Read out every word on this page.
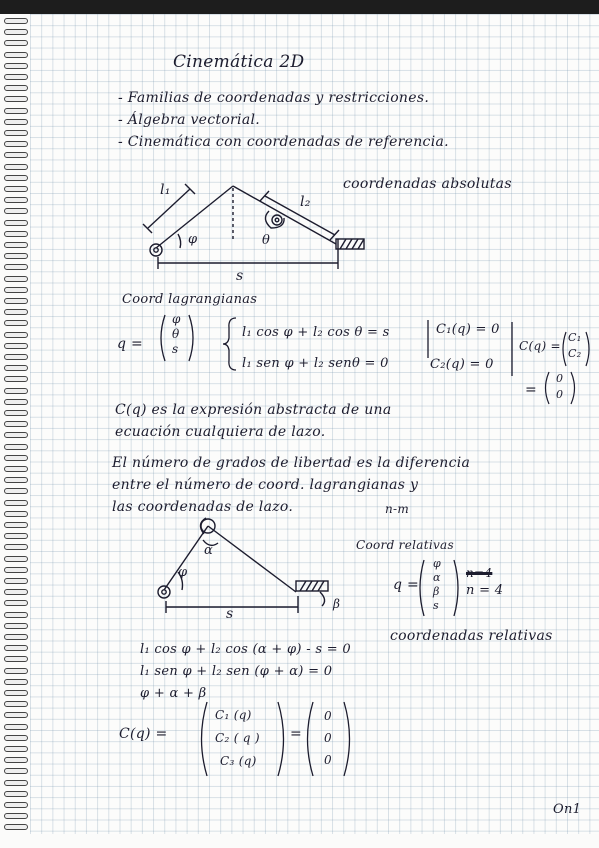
Cinemática 2D
- Familias de coordenadas y restricciones.
- Álgebra vectorial.
- Cinemática con coordenadas de referencia.
coordenadas absolutas
l₁
l₂
φ	θ
s
Coord lagrangianas
q =
φ
θ
s
l₁ cos φ + l₂ cos θ = s
l₁ sen φ + l₂ senθ = 0
C₁(q) = 0
C₂(q) = 0
C(q) =
C₁
C₂
=
0
0
C(q) es la expresión abstracta de una
ecuación cualquiera de lazo.
El número de grados de libertad es la diferencia
entre el número de coord. lagrangianas y
las coordenadas de lazo.	n-m
α
φ
s
β
Coord relativas
q =
φ
α
β
s
n=4
n = 4
coordenadas relativas
l₁ cos φ + l₂ cos (α + φ) - s = 0
l₁ sen φ + l₂ sen (φ + α) = 0
φ + α + β
C(q) =
C₁ (q)
C₂ ( q )
C₃ (q)
=
0
0
0
On1
